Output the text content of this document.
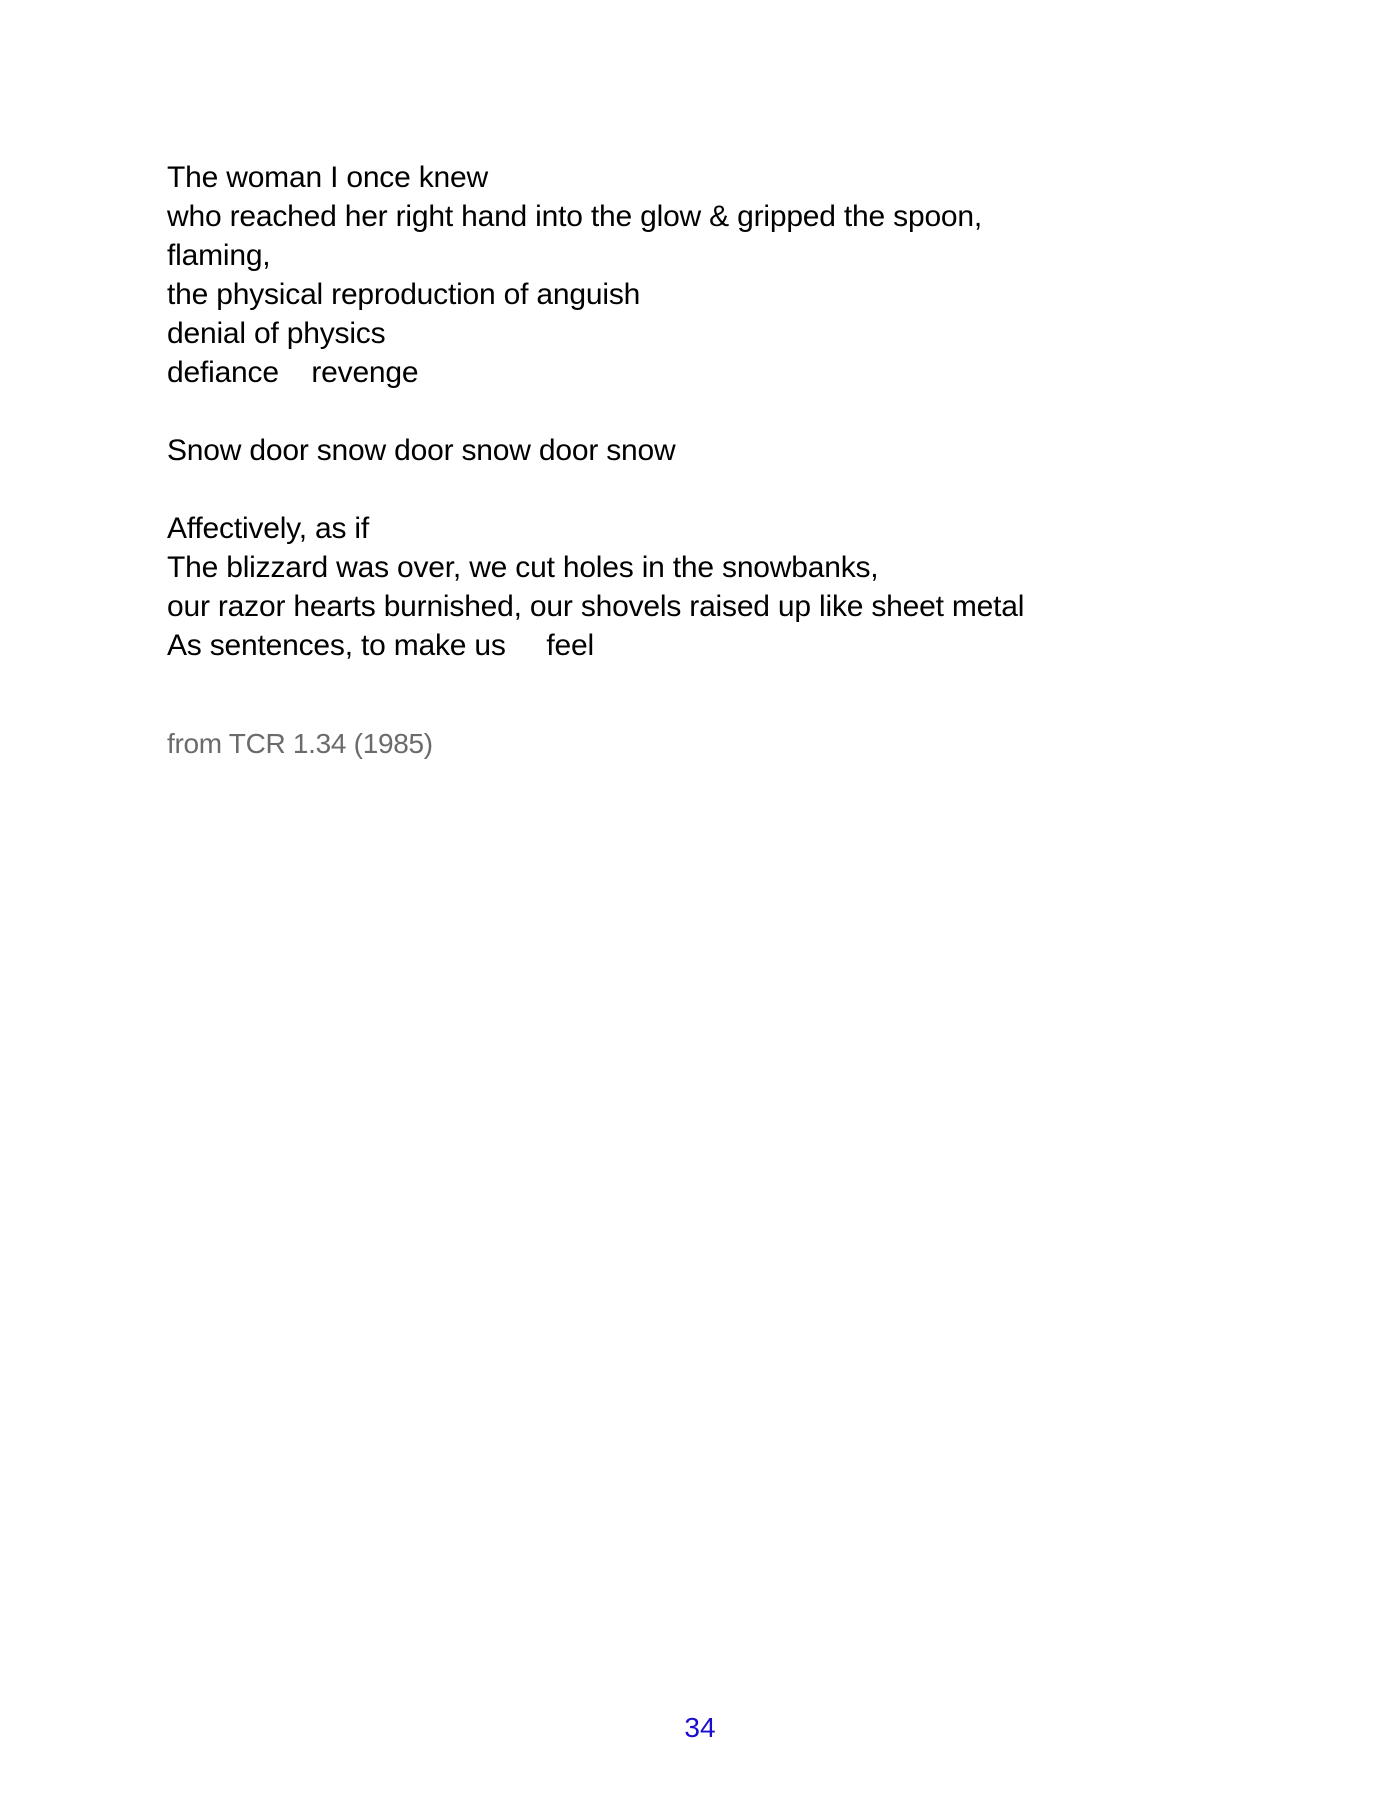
The woman I once knew
who reached her right hand into the glow & gripped the spoon,
flaming,
the physical reproduction of anguish
denial of physics
defiance    revenge
Snow door snow door snow door snow
Affectively, as if
The blizzard was over, we cut holes in the snowbanks,
our razor hearts burnished, our shovels raised up like sheet metal
As sentences, to make us     feel
from TCR 1.34 (1985)
34
